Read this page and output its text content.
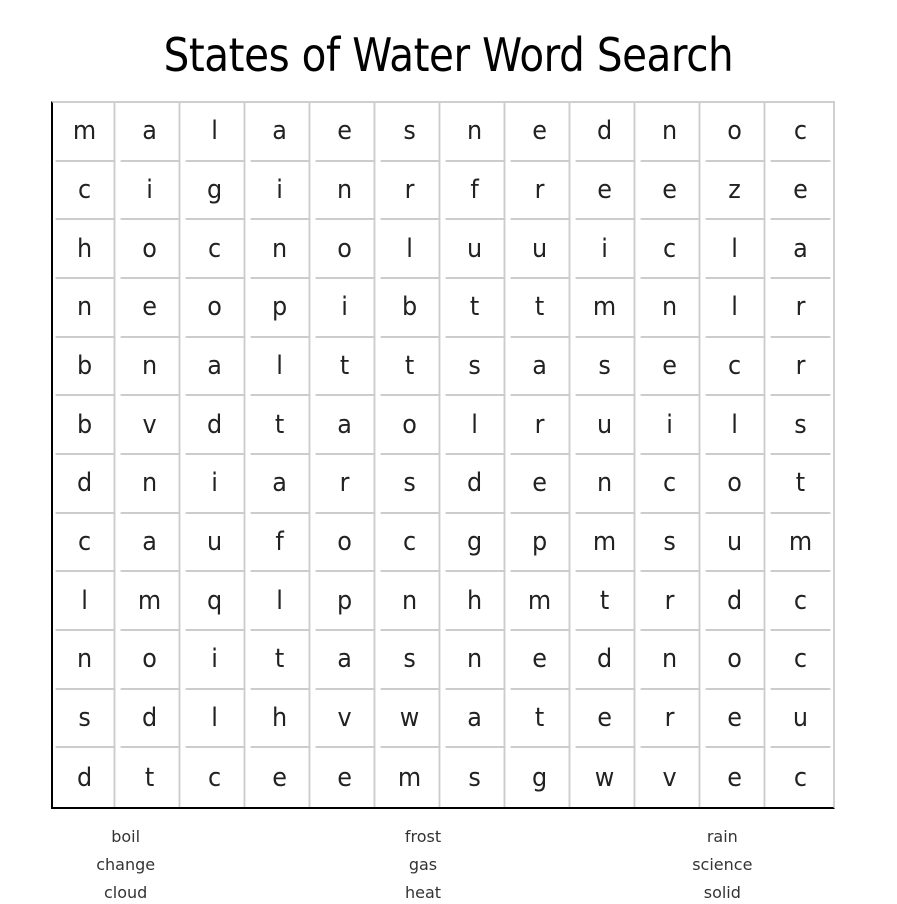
States of Water Word Search
m	a	l	a	e	s	n	e	d	n	o	c
c	i	g	i	n	r	f	r	e	e	z	e
h	o	c	n	o	l	u	u	i	c	l	a
n	e	o	p	i	b	t	t	m	n	l	r
b	n	a	l	t	t	s	a	s	e	c	r
b	v	d	t	a	o	l	r	u	i	l	s
d	n	i	a	r	s	d	e	n	c	o	t
c	a	u	f	o	c	g	p	m	s	u	m
l	m	q	l	p	n	h	m	t	r	d	c
n	o	i	t	a	s	n	e	d	n	o	c
s	d	l	h	v	w	a	t	e	r	e	u
d	t	c	e	e	m	s	g	w	v	e	c
boil	frost	rain
change	gas	science
cloud	heat	solid
